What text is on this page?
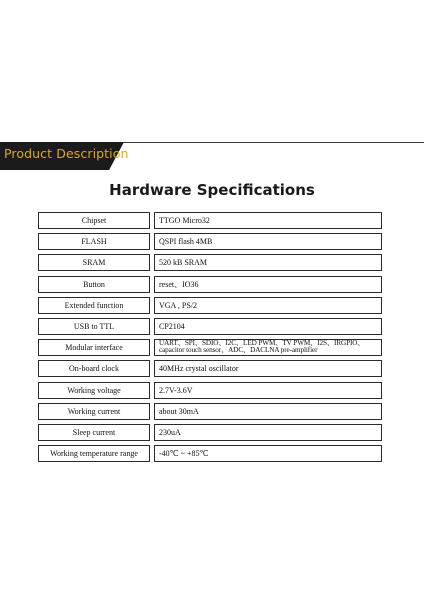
Product Description
Hardware Specifications
Chipset	TTGO Micro32
FLASH	QSPI flash 4MB
SRAM	520 kB SRAM
Button	reset、IO36
Extended function	VGA , PS/2
USB to TTL	CP2104
Modular interface	UART、SPI、SDIO、I2C、LED PWM、TV PWM、I2S、IRGPIO、capacitor touch sensor、ADC、DACLNA pre-amplifier
On-board clock	40MHz crystal oscillator
Working voltage	2.7V-3.6V
Working current	about 30mA
Sleep current	230uA
Working temperature range	-40℃ ~ +85℃
